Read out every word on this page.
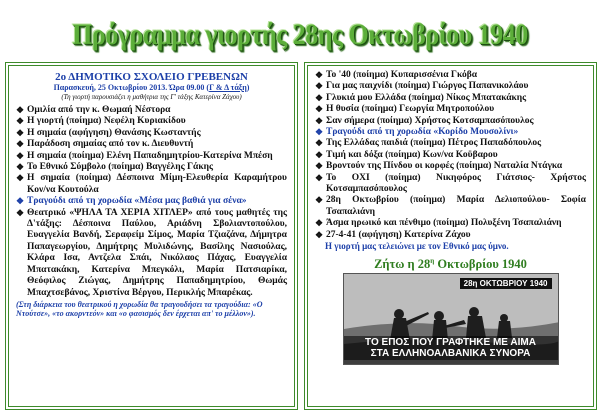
Πρόγραμμα γιορτής 28ης Οκτωβρίου 1940
2ο ΔΗΜΟΤΙΚΟ ΣΧΟΛΕΙΟ ΓΡΕΒΕΝΩΝ
Παρασκευή, 25 Οκτωβρίου 2013. Ώρα 09.00 (Γ & Δ τάξη)
(Τη γιορτή παρουσιάζει η μαθήτρια της Γ' τάξης Κατερίνα Ζάχου)
❖ Ομιλία από την κ. Θωμαή Νέστορα
❖ Η γιορτή (ποίημα) Νεφέλη Κυριακίδου
❖ Η σημαία (αφήγηση) Θανάσης Κωσταντής
❖ Παράδοση σημαίας από τον κ. Διευθυντή
❖ Η σημαία (ποίημα) Ελένη Παπαδημητρίου-Κατερίνα Μπέση
❖ Το Εθνικό Σύμβολο (ποίημα) Βαγγέλης Γάκης
❖ Η σημαία (ποίημα) Δέσποινα Μίμη-Ελευθερία Καραμήτρου Κον/να Κουτούλα
❖ Τραγούδι από τη χορωδία «Μέσα μας βαθιά για σένα»
❖ Θεατρικό «ΨΗΛΑ ΤΑ ΧΕΡΙΑ ΧΙΤΛΕΡ» από τους μαθητές της Δ'τάξης: Δέσποινα Παύλου, Αριάδνη Σβολιαντοπούλου, Ευαγγελία Βανδή, Σεραφείμ Σίμος, Μαρία Τζιαζάνα, Δήμητρα Παπαγεωργίου, Δημήτρης Μυλιδώνης, Βασίλης Νασιούλας, Κλάρα Ισα, Αντζελα Σπάι, Νικόλαος Πάχας, Ευαγγελία Μπατακάκη, Κατερίνα Μπεγκόλι, Μαρία Πατσιαρίκα, Θεόφιλος Ζιώγας, Δημήτρης Παπαδημητρίου, Θωμάς Μπαχτσεβάνος, Χριστίνα Βέργου, Περικλής Μπαρέκας.
(Στη διάρκεια του θεατρικού η χορωδία θα τραγουδήσει τα τραγούδια: «Ο Ντούτσε», «το ακορντεόν» και «ο φασισμός δεν έρχεται απ' το μέλλον»).
❖ Το '40 (ποίημα) Κυπαρισσένια Γκόβα
❖ Για μας παιχνίδι (ποίημα) Γιώργος Παπανικολάου
❖ Γλυκιά μου Ελλάδα (ποίημα) Νίκος Μπατακάκης
❖ Η θυσία (ποίημα) Γεωργία Μητροπούλου
❖ Σαν σήμερα (ποίημα) Χρήστος Κοτσαμπασόπουλος
❖ Τραγούδι από τη χορωδία «Κορίδο Μουσολίνι»
❖ Της Ελλάδας παιδιά (ποίημα) Πέτρος Παπαδόπουλος
❖ Τιμή και δόξα (ποίημα) Κων/να Κοϋβαρου
❖ Βροντούν της Πίνδου οι κορφές (ποίημα) Ναταλία Ντάγκα
❖ Το ΟΧΙ (ποίημα) Νικηφόρος Γιάτσιος- Χρήστος Κοτσαμπασόπουλος
❖ 28η Οκτωβρίου (ποίημα) Μαρία Δελιοπούλου- Σοφία Τσαπαλιάνη
❖ Άσμα ηρωικό και πένθιμο (ποίημα) Πολυξένη Τσαπαλιάνη
❖ 27-4-41 (αφήγηση) Κατερίνα Ζάχου
Η γιορτή μας τελειώνει με τον Εθνικό μας ύμνο.
Ζήτω η $28^\eta$ Οκτωβρίου 1940
28η ΟΚΤΩΒΡΙΟΥ 1940
ΤΟ ΕΠΟΣ ΠΟΥ ΓΡΑΦΤΗΚΕ ΜΕ ΑΙΜΑ
ΣΤΑ ΕΛΛΗΝΟΑΛΒΑΝΙΚΑ ΣΥΝΟΡΑ
